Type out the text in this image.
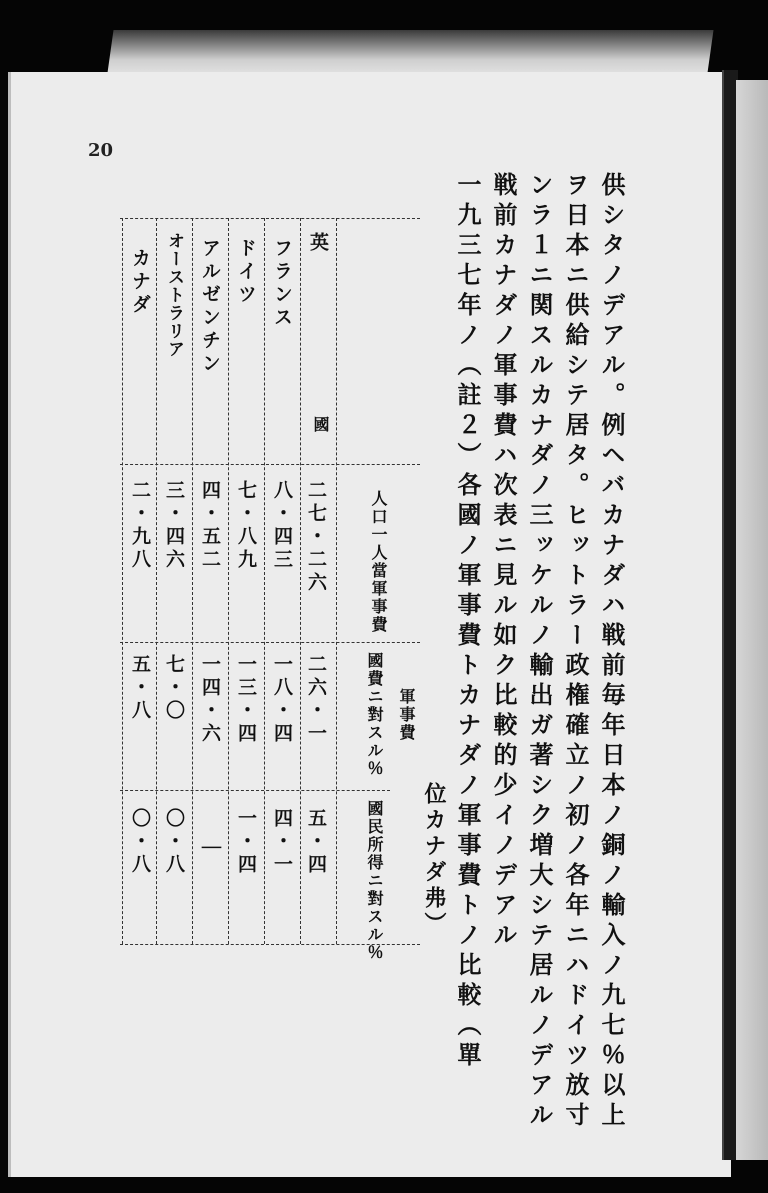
20
供シタノデアル。例ヘバカナダハ戦前毎年日本ノ銅ノ輸入ノ九七％以上
ヲ日本ニ供給シテ居タ。ヒットラー政権確立ノ初ノ各年ニハドイツ放寸
ンラ１ニ関スルカナダノ三ッケルノ輸出ガ著シク増大シテ居ルノデアル
戦前カナダノ軍事費ハ次表ニ見ル如ク比較的少イノデアル
一九三七年ノ（註２）各國ノ軍事費トカナダノ軍事費トノ比較（單
位カナダ弗）
英
國
人口一人當軍事費
軍事費
國費ニ對スル％
國民所得ニ對スル％
フランス
八・四三
一八・四
四・一
二七・二六
二六・一
五・四
ドイツ
七・八九
一三・四
一・四
アルゼンチン
四・五二
一四・六
｜
オーストラリア
三・四六
七・〇
〇・八
カナダ
二・九八
五・八
〇・八
